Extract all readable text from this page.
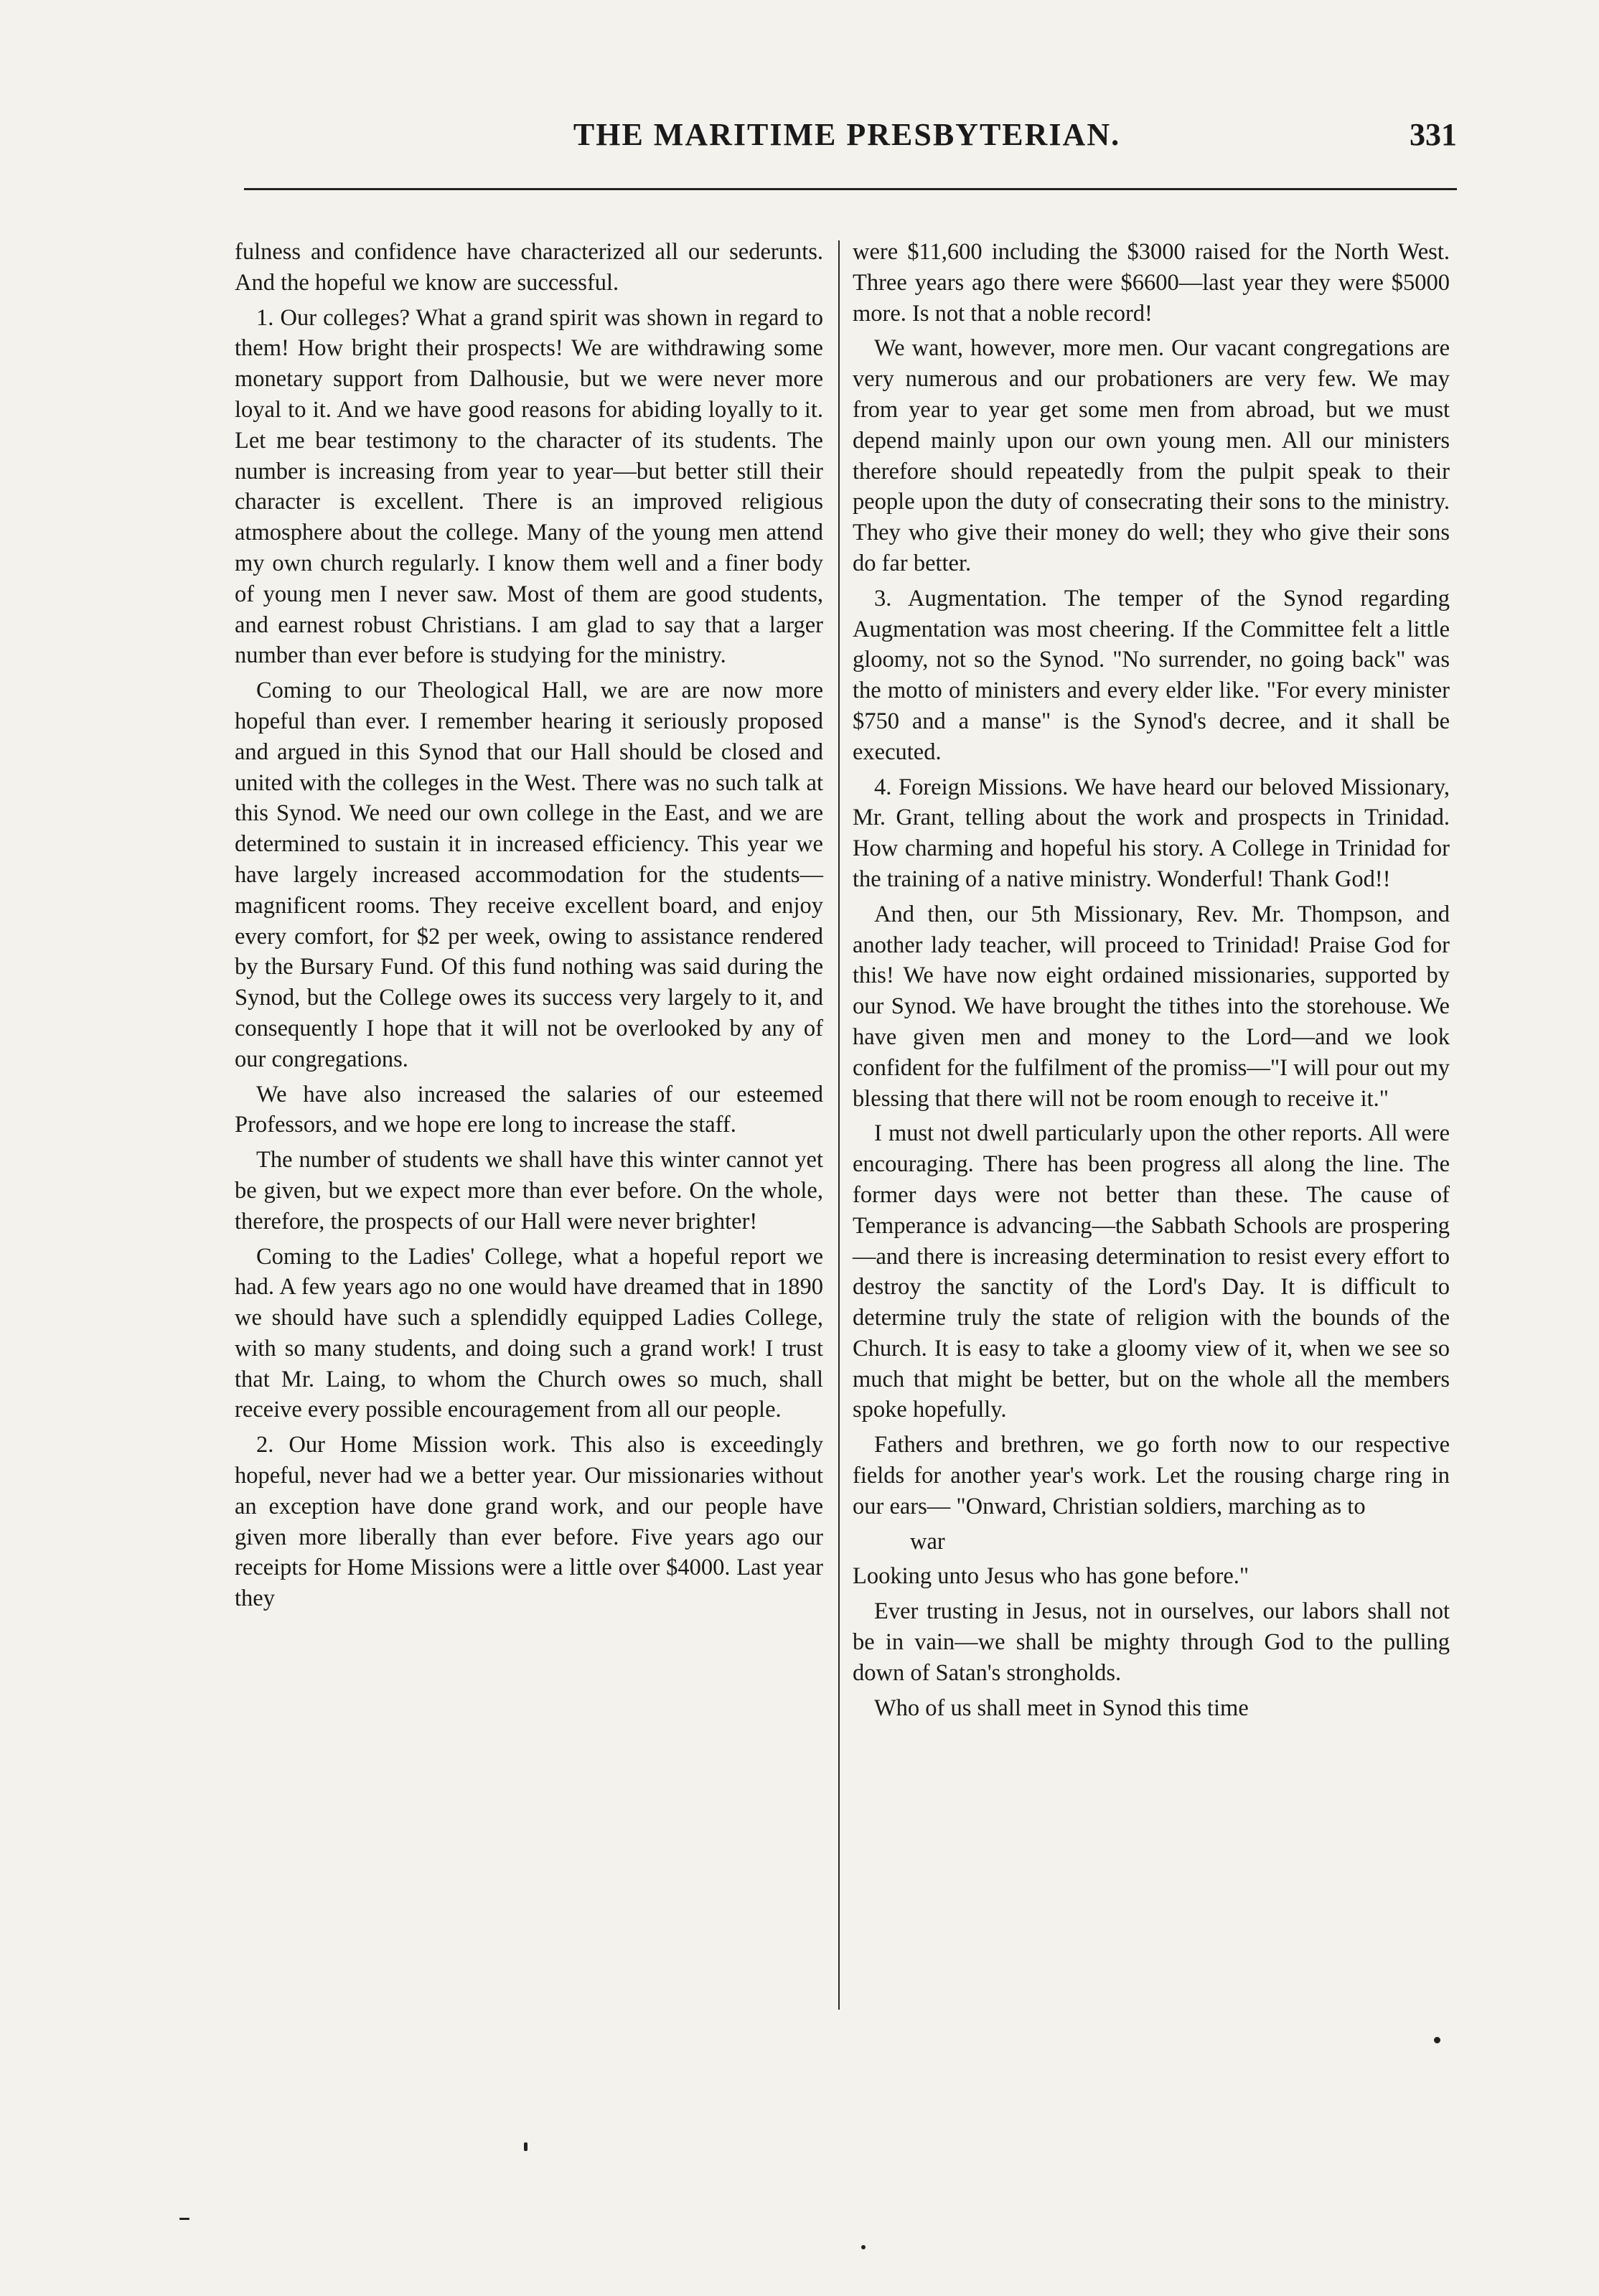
THE MARITIME PRESBYTERIAN.	331

fulness and confidence have characterized all our sederunts. And the hopeful we know are successful.

1. Our colleges? What a grand spirit was shown in regard to them! How bright their prospects! We are withdrawing some monetary support from Dalhousie, but we were never more loyal to it. And we have good reasons for abiding loyally to it. Let me bear testimony to the character of its students. The number is increasing from year to year—but better still their character is excellent. There is an improved religious atmosphere about the college. Many of the young men attend my own church regularly. I know them well and a finer body of young men I never saw. Most of them are good students, and earnest robust Christians. I am glad to say that a larger number than ever before is studying for the ministry.

Coming to our Theological Hall, we are are now more hopeful than ever. I remember hearing it seriously proposed and argued in this Synod that our Hall should be closed and united with the colleges in the West. There was no such talk at this Synod. We need our own college in the East, and we are determined to sustain it in increased efficiency. This year we have largely increased accommodation for the students—magnificent rooms. They receive excellent board, and enjoy every comfort, for $2 per week, owing to assistance rendered by the Bursary Fund. Of this fund nothing was said during the Synod, but the College owes its success very largely to it, and consequently I hope that it will not be overlooked by any of our congregations.

We have also increased the salaries of our esteemed Professors, and we hope ere long to increase the staff.

The number of students we shall have this winter cannot yet be given, but we expect more than ever before. On the whole, therefore, the prospects of our Hall were never brighter!

Coming to the Ladies' College, what a hopeful report we had. A few years ago no one would have dreamed that in 1890 we should have such a splendidly equipped Ladies College, with so many students, and doing such a grand work! I trust that Mr. Laing, to whom the Church owes so much, shall receive every possible encouragement from all our people.

2. Our Home Mission work. This also is exceedingly hopeful, never had we a better year. Our missionaries without an exception have done grand work, and our people have given more liberally than ever before. Five years ago our receipts for Home Missions were a little over $4000. Last year they

were $11,600 including the $3000 raised for the North West. Three years ago there were $6600—last year they were $5000 more. Is not that a noble record!

We want, however, more men. Our vacant congregations are very numerous and our probationers are very few. We may from year to year get some men from abroad, but we must depend mainly upon our own young men. All our ministers therefore should repeatedly from the pulpit speak to their people upon the duty of consecrating their sons to the ministry. They who give their money do well; they who give their sons do far better.

3. Augmentation. The temper of the Synod regarding Augmentation was most cheering. If the Committee felt a little gloomy, not so the Synod. "No surrender, no going back" was the motto of ministers and every elder like. "For every minister $750 and a manse" is the Synod's decree, and it shall be executed.

4. Foreign Missions. We have heard our beloved Missionary, Mr. Grant, telling about the work and prospects in Trinidad. How charming and hopeful his story. A College in Trinidad for the training of a native ministry. Wonderful! Thank God!!

And then, our 5th Missionary, Rev. Mr. Thompson, and another lady teacher, will proceed to Trinidad! Praise God for this! We have now eight ordained missionaries, supported by our Synod. We have brought the tithes into the storehouse. We have given men and money to the Lord—and we look confident for the fulfilment of the promiss—"I will pour out my blessing that there will not be room enough to receive it."

I must not dwell particularly upon the other reports. All were encouraging. There has been progress all along the line. The former days were not better than these. The cause of Temperance is advancing—the Sabbath Schools are prospering—and there is increasing determination to resist every effort to destroy the sanctity of the Lord's Day. It is difficult to determine truly the state of religion with the bounds of the Church. It is easy to take a gloomy view of it, when we see so much that might be better, but on the whole all the members spoke hopefully.

Fathers and brethren, we go forth now to our respective fields for another year's work. Let the rousing charge ring in our ears— "Onward, Christian soldiers, marching as to

war

Looking unto Jesus who has gone before."

Ever trusting in Jesus, not in ourselves, our labors shall not be in vain—we shall be mighty through God to the pulling down of Satan's strongholds.

Who of us shall meet in Synod this time
